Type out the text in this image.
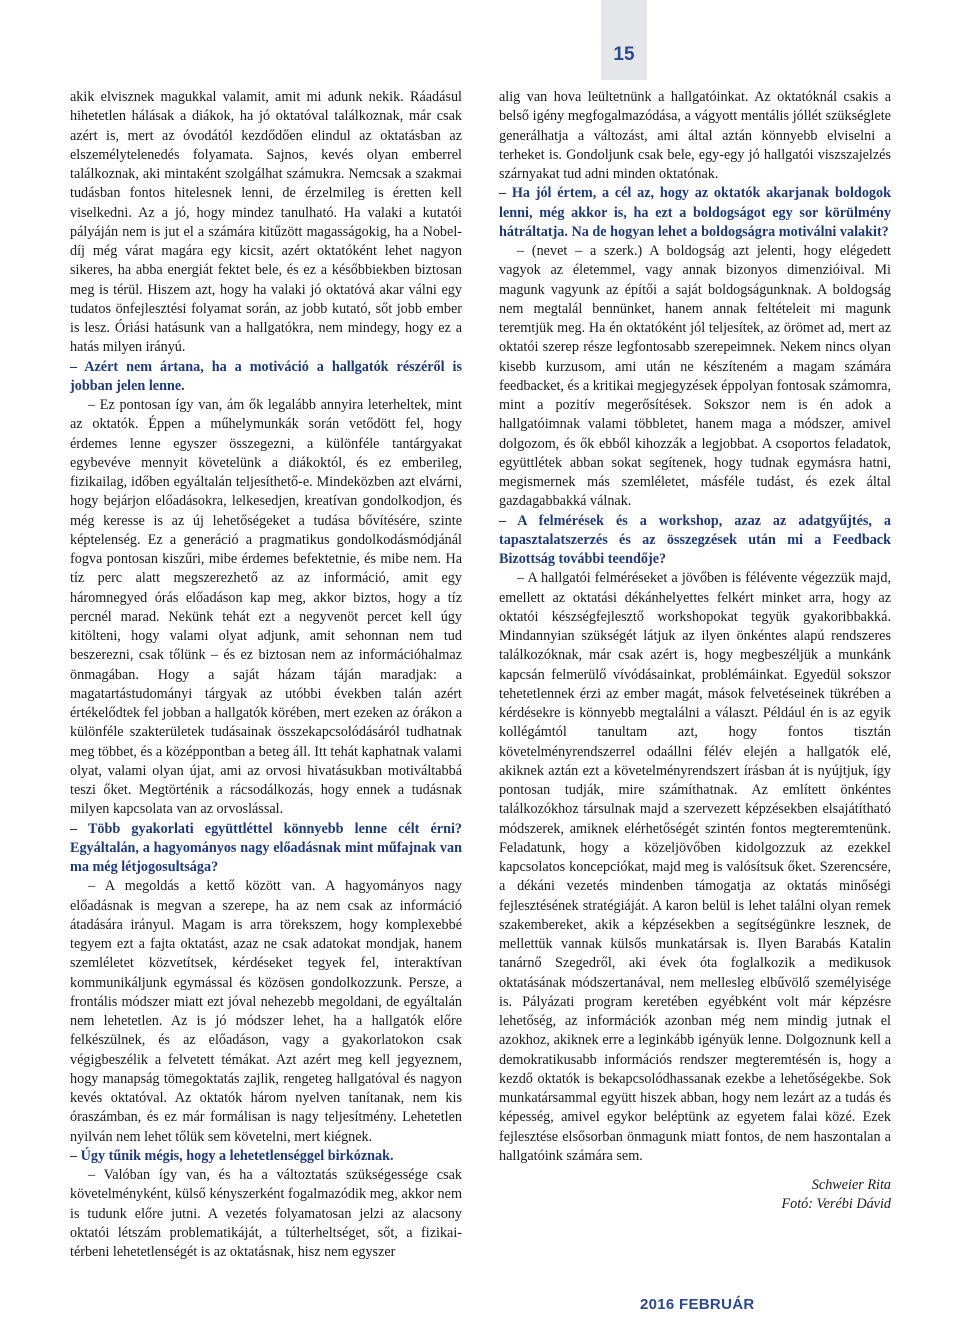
15

akik elvisznek magukkal valamit, amit mi adunk nekik. Ráadásul hihetetlen hálásak a diákok, ha jó oktatóval találkoznak, már csak azért is, mert az óvodától kezdődően elindul az oktatásban az elszemélytelenedés folyamata. Sajnos, kevés olyan emberrel találkoznak, aki mintaként szolgálhat számukra. Nemcsak a szakmai tudásban fontos hitelesnek lenni, de érzelmileg is éretten kell viselkedni. Az a jó, hogy mindez tanulható. Ha valaki a kutatói pályáján nem is jut el a számára kitűzött magasságokig, ha a Nobel-díj még várat magára egy kicsit, azért oktatóként lehet nagyon sikeres, ha abba energiát fektet bele, és ez a későbbiekben biztosan meg is térül. Hiszem azt, hogy ha valaki jó oktatóvá akar válni egy tudatos önfejlesztési folyamat során, az jobb kutató, sőt jobb ember is lesz. Óriási hatásunk van a hallgatókra, nem mindegy, hogy ez a hatás milyen irányú.

– Azért nem ártana, ha a motiváció a hallgatók részéről is jobban jelen lenne.

– Ez pontosan így van, ám ők legalább annyira leterheltek, mint az oktatók. Éppen a műhelymunkák során vetődött fel, hogy érdemes lenne egyszer összegezni, a különféle tantárgyakat egybevéve mennyit követelünk a diákoktól, és ez emberileg, fizikailag, időben egyáltalán teljesíthető-e. Mindeközben azt elvárni, hogy bejárjon előadásokra, lelkesedjen, kreatívan gondolkodjon, és még keresse is az új lehetőségeket a tudása bővítésére, szinte képtelenség. Ez a generáció a pragmatikus gondolkodásmódjánál fogva pontosan kiszűri, mibe érdemes befektetnie, és mibe nem. Ha tíz perc alatt megszerezhető az az információ, amit egy háromnegyed órás előadáson kap meg, akkor biztos, hogy a tíz percnél marad. Nekünk tehát ezt a negyvenöt percet kell úgy kitölteni, hogy valami olyat adjunk, amit sehonnan nem tud beszerezni, csak tőlünk – és ez biztosan nem az információhalmaz önmagában. Hogy a saját házam táján maradjak: a magatartástudományi tárgyak az utóbbi években talán azért értékelődtek fel jobban a hallgatók körében, mert ezeken az órákon a különféle szakterületek tudásainak összekapcsolódásáról tudhatnak meg többet, és a középpontban a beteg áll. Itt tehát kaphatnak valami olyat, valami olyan újat, ami az orvosi hivatásukban motiváltabbá teszi őket. Megtörténik a rácsodálkozás, hogy ennek a tudásnak milyen kapcsolata van az orvoslással.

– Több gyakorlati együttléttel könnyebb lenne célt érni? Egyáltalán, a hagyományos nagy előadásnak mint műfajnak van ma még létjogosultsága?

– A megoldás a kettő között van. A hagyományos nagy előadásnak is megvan a szerepe, ha az nem csak az információ átadására irányul. Magam is arra törekszem, hogy komplexebbé tegyem ezt a fajta oktatást, azaz ne csak adatokat mondjak, hanem szemléletet közvetítsek, kérdéseket tegyek fel, interaktívan kommunikáljunk egymással és közösen gondolkozzunk. Persze, a frontális módszer miatt ezt jóval nehezebb megoldani, de egyáltalán nem lehetetlen. Az is jó módszer lehet, ha a hallgatók előre felkészülnek, és az előadáson, vagy a gyakorlatokon csak végigbeszélik a felvetett témákat. Azt azért meg kell jegyeznem, hogy manapság tömegoktatás zajlik, rengeteg hallgatóval és nagyon kevés oktatóval. Az oktatók három nyelven tanítanak, nem kis óraszámban, és ez már formálisan is nagy teljesítmény. Lehetetlen nyilván nem lehet tőlük sem követelni, mert kiégnek.

– Úgy tűnik mégis, hogy a lehetetlenséggel birkóznak.

– Valóban így van, és ha a változtatás szükségessége csak követelményként, külső kényszerként fogalmazódik meg, akkor nem is tudunk előre jutni. A vezetés folyamatosan jelzi az alacsony oktatói létszám problematikáját, a túlterheltséget, sőt, a fizikai-térbeni lehetetlenségét is az oktatásnak, hisz nem egyszer

alig van hova leültetnünk a hallgatóinkat. Az oktatóknál csakis a belső igény megfogalmazódása, a vágyott mentális jóllét szükséglete generálhatja a változást, ami által aztán könnyebb elviselni a terheket is. Gondoljunk csak bele, egy-egy jó hallgatói viszszajelzés szárnyakat tud adni minden oktatónak.

– Ha jól értem, a cél az, hogy az oktatók akarjanak boldogok lenni, még akkor is, ha ezt a boldogságot egy sor körülmény hátráltatja. Na de hogyan lehet a boldogságra motiválni valakit?

– (nevet – a szerk.) A boldogság azt jelenti, hogy elégedett vagyok az életemmel, vagy annak bizonyos dimenzióival. Mi magunk vagyunk az építői a saját boldogságunknak. A boldogság nem megtalál bennünket, hanem annak feltételeit mi magunk teremtjük meg. Ha én oktatóként jól teljesítek, az örömet ad, mert az oktatói szerep része legfontosabb szerepeimnek. Nekem nincs olyan kisebb kurzusom, ami után ne készíteném a magam számára feedbacket, és a kritikai megjegyzések éppolyan fontosak számomra, mint a pozitív megerősítések. Sokszor nem is én adok a hallgatóimnak valami többletet, hanem maga a módszer, amivel dolgozom, és ők ebből kihozzák a legjobbat. A csoportos feladatok, együttlétek abban sokat segítenek, hogy tudnak egymásra hatni, megismernek más szemléletet, másféle tudást, és ezek által gazdagabbakká válnak.

– A felmérések és a workshop, azaz az adatgyűjtés, a tapasztalatszerzés és az összegzések után mi a Feedback Bizottság további teendője?

– A hallgatói felméréseket a jövőben is félévente végezzük majd, emellett az oktatási dékánhelyettes felkért minket arra, hogy az oktatói készségfejlesztő workshopokat tegyük gyakoribbakká. Mindannyian szükségét látjuk az ilyen önkéntes alapú rendszeres találkozóknak, már csak azért is, hogy megbeszéljük a munkánk kapcsán felmerülő vívódásainkat, problémáinkat. Egyedül sokszor tehetetlennek érzi az ember magát, mások felvetéseinek tükrében a kérdésekre is könnyebb megtalálni a választ. Például én is az egyik kollégámtól tanultam azt, hogy fontos tisztán követelményrendszerrel odaállni félév elején a hallgatók elé, akiknek aztán ezt a követelményrendszert írásban át is nyújtjuk, így pontosan tudják, mire számíthatnak. Az említett önkéntes találkozókhoz társulnak majd a szervezett képzésekben elsajátítható módszerek, amiknek elérhetőségét szintén fontos megteremtenünk. Feladatunk, hogy a közeljövőben kidolgozzuk az ezekkel kapcsolatos koncepciókat, majd meg is valósítsuk őket. Szerencsére, a dékáni vezetés mindenben támogatja az oktatás minőségi fejlesztésének stratégiáját. A karon belül is lehet találni olyan remek szakembereket, akik a képzésekben a segítségünkre lesznek, de mellettük vannak külsős munkatársak is. Ilyen Barabás Katalin tanárnő Szegedről, aki évek óta foglalkozik a medikusok oktatásának módszertanával, nem mellesleg elbűvölő személyisége is. Pályázati program keretében egyébként volt már képzésre lehetőség, az információk azonban még nem mindig jutnak el azokhoz, akiknek erre a leginkább igényük lenne. Dolgoznunk kell a demokratikusabb információs rendszer megteremtésén is, hogy a kezdő oktatók is bekapcsolódhassanak ezekbe a lehetőségekbe. Sok munkatársammal együtt hiszek abban, hogy nem lezárt az a tudás és képesség, amivel egykor beléptünk az egyetem falai közé. Ezek fejlesztése elsősorban önmagunk miatt fontos, de nem haszontalan a hallgatóink számára sem.

Schweier Rita

Fotó: Verébi Dávid

2016 FEBRUÁR
